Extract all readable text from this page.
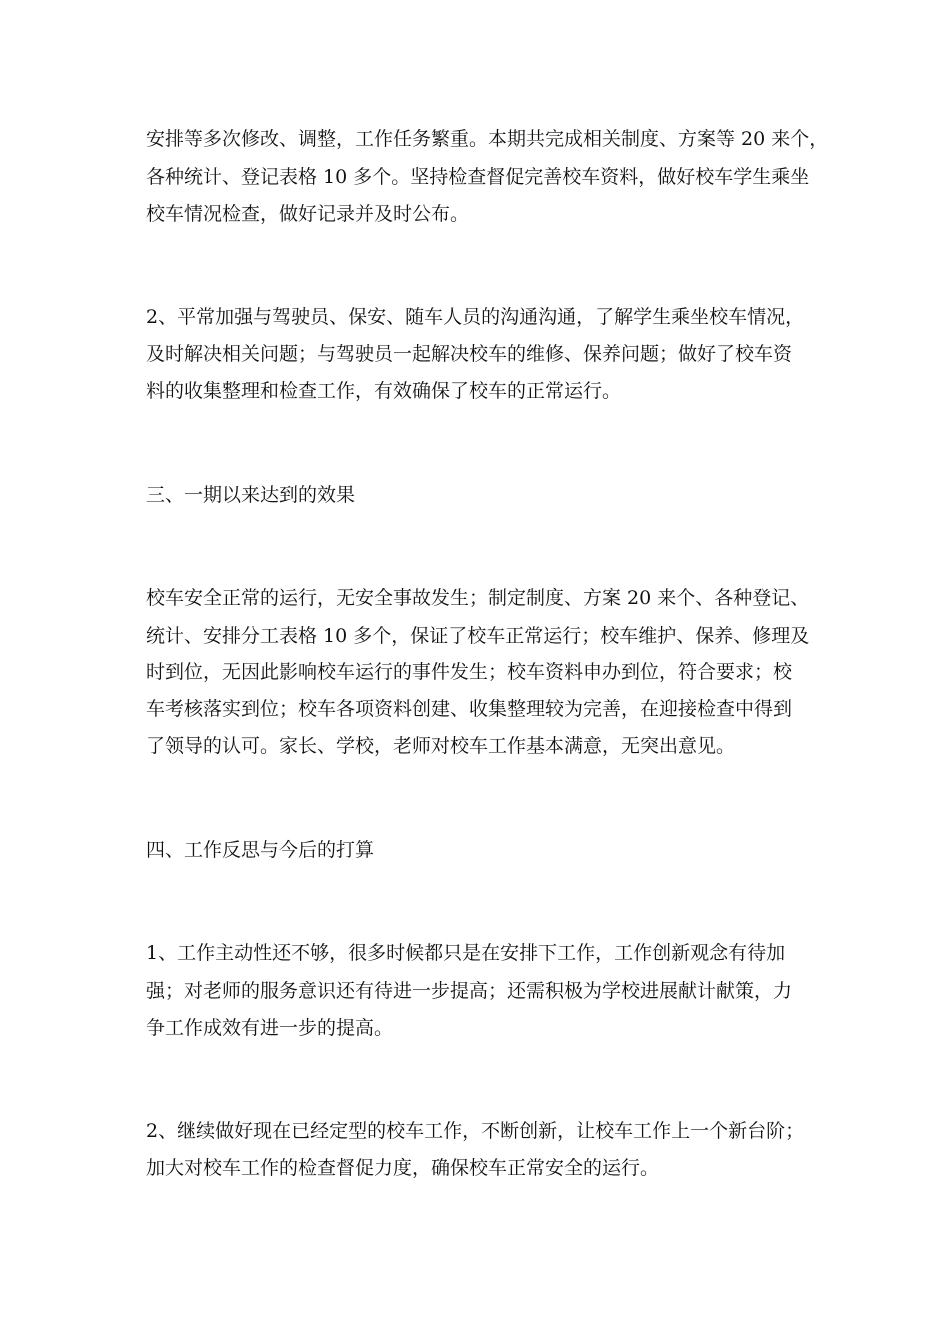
安排等多次修改、调整，工作任务繁重。本期共完成相关制度、方案等 20 来个，
各种统计、登记表格 10 多个。坚持检查督促完善校车资料，做好校车学生乘坐
校车情况检查，做好记录并及时公布。
2、平常加强与驾驶员、保安、随车人员的沟通沟通，了解学生乘坐校车情况，
及时解决相关问题；与驾驶员一起解决校车的维修、保养问题；做好了校车资
料的收集整理和检查工作，有效确保了校车的正常运行。
三、一期以来达到的效果
校车安全正常的运行，无安全事故发生；制定制度、方案 20 来个、各种登记、
统计、安排分工表格 10 多个，保证了校车正常运行；校车维护、保养、修理及
时到位，无因此影响校车运行的事件发生；校车资料申办到位，符合要求；校
车考核落实到位；校车各项资料创建、收集整理较为完善，在迎接检查中得到
了领导的认可。家长、学校，老师对校车工作基本满意，无突出意见。
四、工作反思与今后的打算
1、工作主动性还不够，很多时候都只是在安排下工作，工作创新观念有待加
强；对老师的服务意识还有待进一步提高；还需积极为学校进展献计献策，力
争工作成效有进一步的提高。
2、继续做好现在已经定型的校车工作，不断创新，让校车工作上一个新台阶；
加大对校车工作的检查督促力度，确保校车正常安全的运行。
